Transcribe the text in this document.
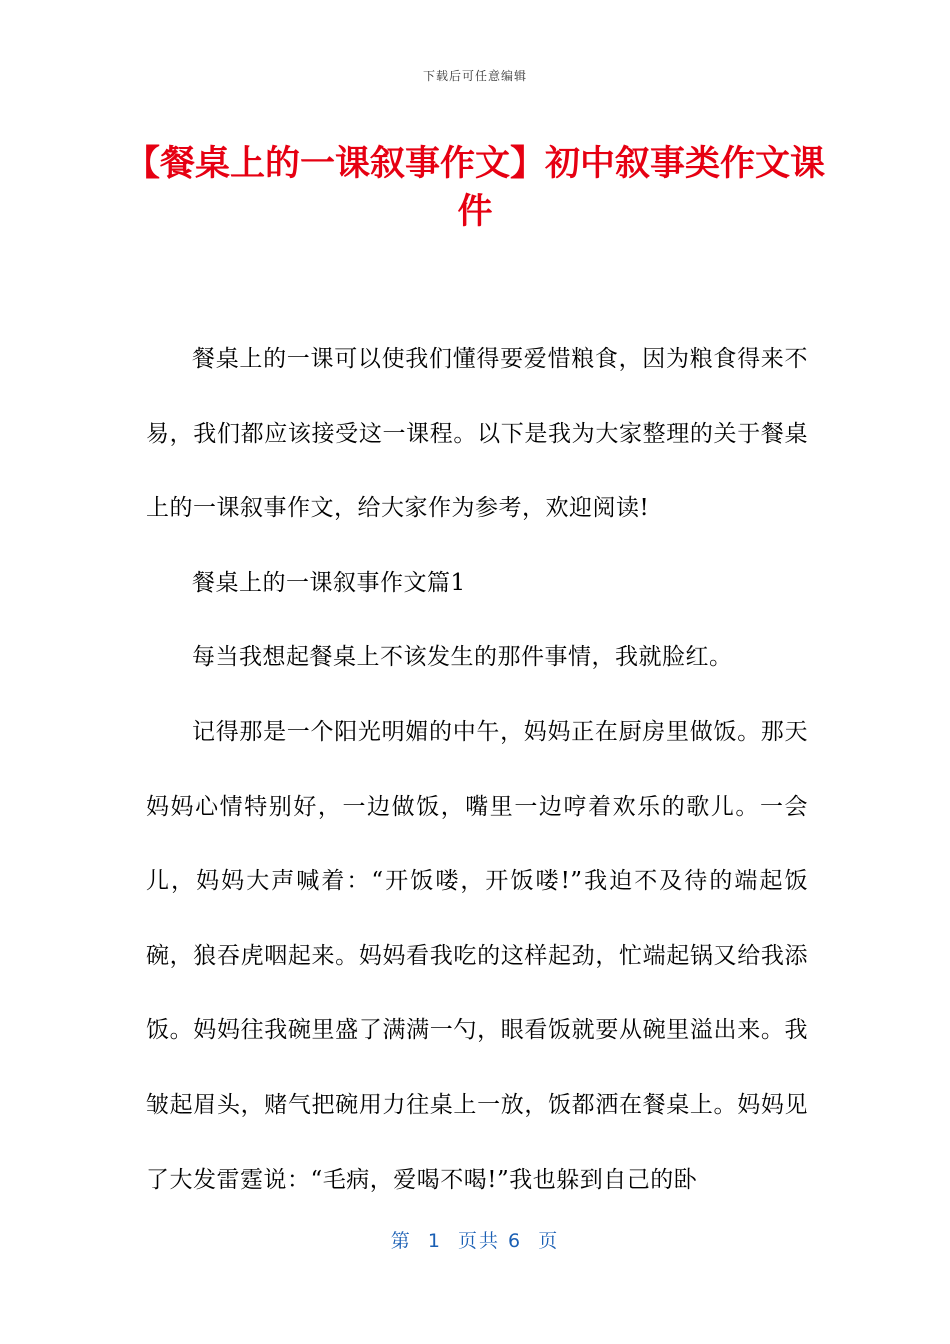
下载后可任意编辑
【餐桌上的一课叙事作文】初中叙事类作文课件

餐桌上的一课可以使我们懂得要爱惜粮食，因为粮食得来不易，我们都应该接受这一课程。以下是我为大家整理的关于餐桌上的一课叙事作文，给大家作为参考，欢迎阅读!

餐桌上的一课叙事作文篇1

每当我想起餐桌上不该发生的那件事情，我就脸红。

记得那是一个阳光明媚的中午，妈妈正在厨房里做饭。那天妈妈心情特别好，一边做饭，嘴里一边哼着欢乐的歌儿。一会儿，妈妈大声喊着：“开饭喽，开饭喽!”我迫不及待的端起饭碗，狼吞虎咽起来。妈妈看我吃的这样起劲，忙端起锅又给我添饭。妈妈往我碗里盛了满满一勺，眼看饭就要从碗里溢出来。我皱起眉头，赌气把碗用力往桌上一放，饭都洒在餐桌上。妈妈见了大发雷霆说：“毛病，爱喝不喝!”我也躲到自己的卧

第  1  页共 6  页
